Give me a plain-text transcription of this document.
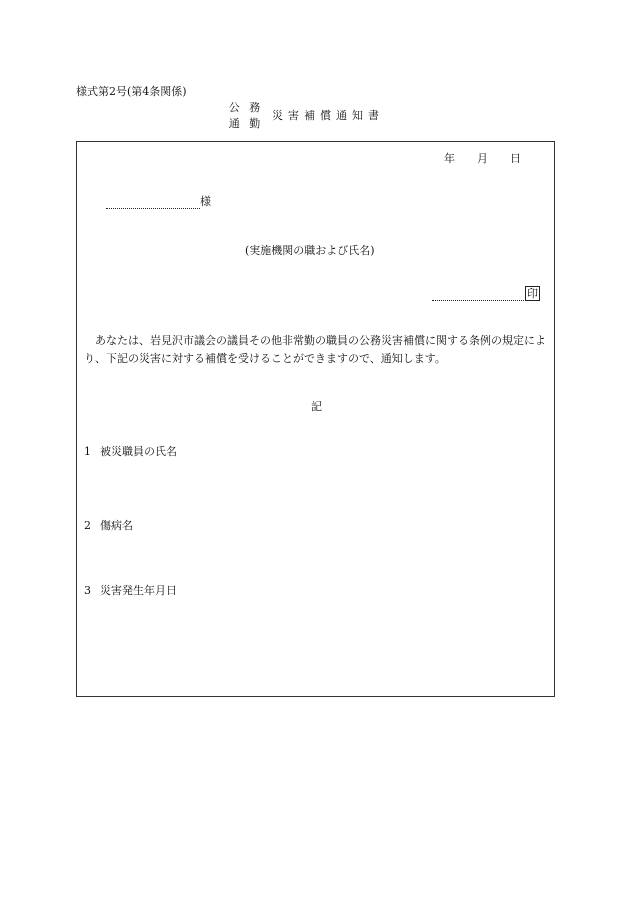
様式第2号(第4条関係)
公 務
通 勤
災害補償通知書
年 月 日
様
(実施機関の職および氏名)
印
あなたは、岩見沢市議会の議員その他非常勤の職員の公務災害補償に関する条例の規定により、下記の災害に対する補償を受けることができますので、通知します。
記
1 被災職員の氏名
2 傷病名
3 災害発生年月日
